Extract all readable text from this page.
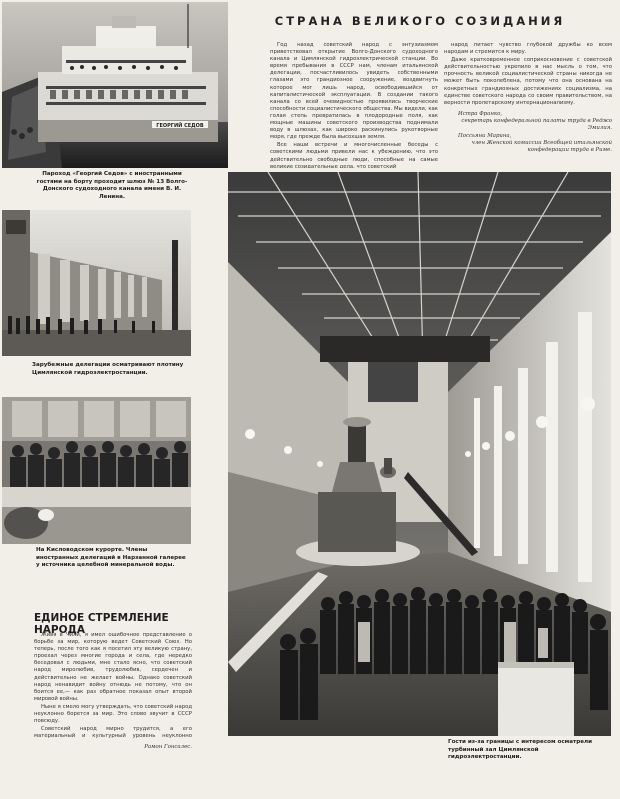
СТРАНА ВЕЛИКОГО СОЗИДАНИЯ
ГЕОРГИЙ СЕДОВ
Пароход «Георгий Седов» с иностранными гостями на борту проходит шлюз № 13 Волго-Донского судоходного канала имени В. И. Ленина.
Зарубежные делегации осматривают плотину Цимлянской гидроэлектростанции.
На Кисловодском курорте. Члены иностранных делегаций в Нарзанной галерее у источника целебной минеральной воды.
ЕДИНОЕ СТРЕМЛЕНИЕ НАРОДА

Живя в Чили, я имел ошибочное представление о борьбе за мир, которую ведет Советский Союз. Но теперь, после того как я посетил эту великую страну, проехал через многие города и села, где нередко беседовал с людьми, мне стало ясно, что советский народ миролюбив, трудолюбив, сердечен и действительно не желает войны. Однако советский народ ненавидит войну отнюдь не потому, что он боится ее,— как раз обратное показал опыт второй мировой войны.

Ныне я смело могу утверждать, что советский народ неуклонно борется за мир. Это слово звучит в СССР повсюду.

Советский народ мирно трудится, а его материальный и культурный уровень неуклонно

Рамон Гонсалес.

Год назад советский народ с энтузиазмом приветствовал открытие Волго-Донского судоходного канала и Цимлянской гидроэлектрической станции. Во время пребывания в СССР нам, членам итальянской делегации, посчастливилось увидеть собственными глазами это грандиозное сооружение, воздвигнуть которое мог лишь народ, освободившийся от капиталистической эксплуатации. В создании такого канала со всей очевидностью проявились творческие способности социалистического общества. Мы видели, как голая степь превратилась в плодородные поля, как мощные машины советского производства поднимали воду в шлюзах, как широко раскинулись рукотворные моря, где прежде была высохшая земля.

Все наши встречи и многочисленные беседы с советскими людьми привели нас к убеждению, что это действительно свободные люди, способные на самые великие созидательные дела, что советский

народ питает чувство глубокой дружбы ко всем народам и стремится к миру.

Даже кратковременное соприкосновение с советской действительностью укрепило в нас мысль о том, что прочность великой социалистической страны никогда не может быть поколеблена, потому что она основана на конкретных грандиозных достижениях социализма, на единстве советского народа со своим правительством, на верности пролетарскому интернационализму.

Истра Франко,
секретарь конфедеральной палаты труда в Реджо Эмилия.
Поссьяни Марина,
член Женской комиссии Всеобщей итальянской конфедерации труда в Риме.
Гости из-за границы с интересом осматрели турбинный зал Цимлянской гидроэлектростанции.
